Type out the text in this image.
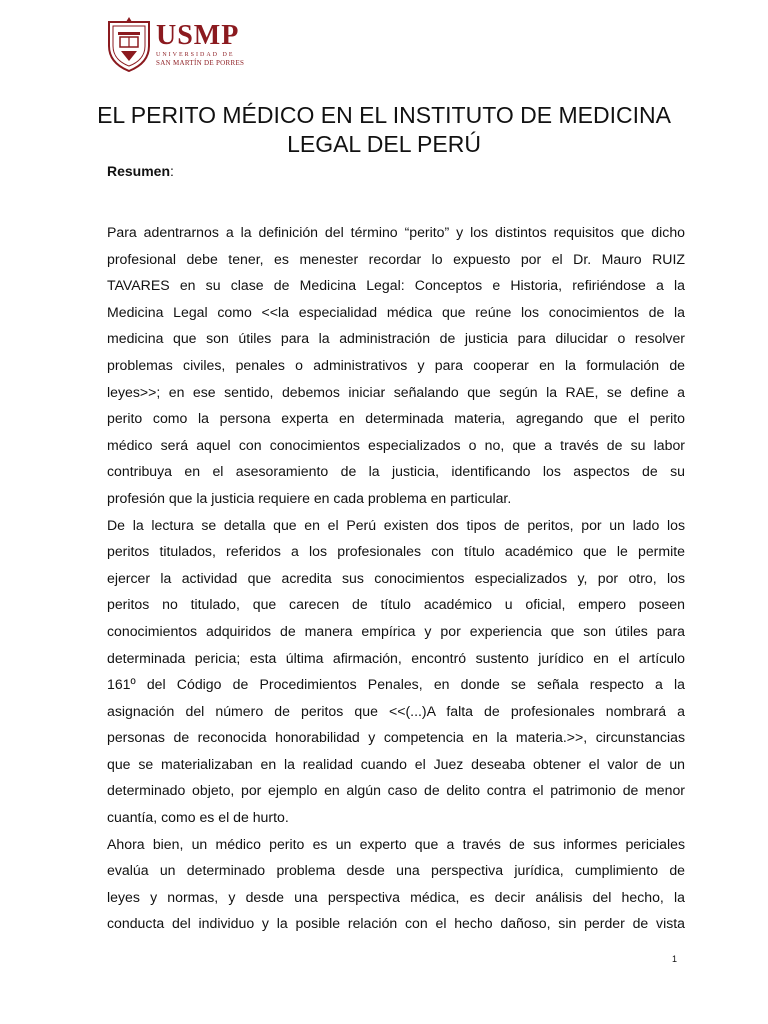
USMP
UNIVERSIDAD DE
SAN MARTÍN DE PORRES
EL PERITO MÉDICO EN EL INSTITUTO DE MEDICINA
LEGAL DEL PERÚ
Resumen:
Para adentrarnos a la definición del término “perito” y los distintos requisitos que dicho
profesional debe tener, es menester recordar lo expuesto por el Dr. Mauro RUIZ
TAVARES en su clase de Medicina Legal: Conceptos e Historia, refiriéndose a la
Medicina Legal como <<la especialidad médica que reúne los conocimientos de la
medicina que son útiles para la administración de justicia para dilucidar o resolver
problemas civiles, penales o administrativos y para cooperar en la formulación de
leyes>>; en ese sentido, debemos iniciar señalando que según la RAE, se define a
perito como la persona experta en determinada materia, agregando que el perito
médico será aquel con conocimientos especializados o no, que a través de su labor
contribuya en el asesoramiento de la justicia, identificando los aspectos de su
profesión que la justicia requiere en cada problema en particular.
De la lectura se detalla que en el Perú existen dos tipos de peritos, por un lado los
peritos titulados, referidos a los profesionales con título académico que le permite
ejercer la actividad que acredita sus conocimientos especializados y, por otro, los
peritos no titulado, que carecen de título académico u oficial, empero poseen
conocimientos adquiridos de manera empírica y por experiencia que son útiles para
determinada pericia; esta última afirmación, encontró sustento jurídico en el artículo
161º del Código de Procedimientos Penales, en donde se señala respecto a la
asignación del número de peritos que <<(...)A falta de profesionales nombrará a
personas de reconocida honorabilidad y competencia en la materia.>>, circunstancias
que se materializaban en la realidad cuando el Juez deseaba obtener el valor de un
determinado objeto, por ejemplo en algún caso de delito contra el patrimonio de menor
cuantía, como es el de hurto.
Ahora bien, un médico perito es un experto que a través de sus informes periciales
evalúa un determinado problema desde una perspectiva jurídica, cumplimiento de
leyes y normas, y desde una perspectiva médica, es decir análisis del hecho, la
conducta del individuo y la posible relación con el hecho dañoso, sin perder de vista
1
